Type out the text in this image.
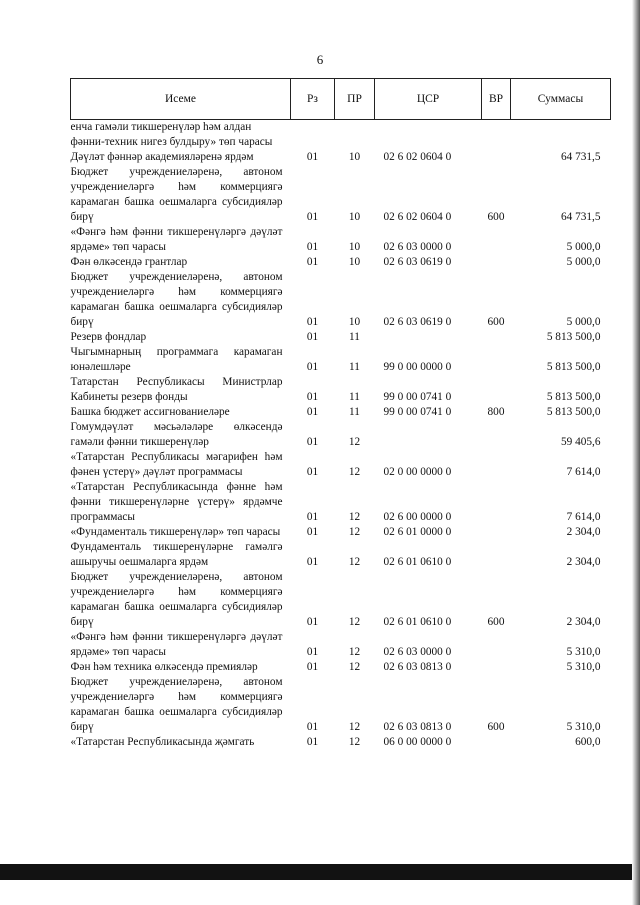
6
Исеме	Рз	ПР	ЦСР	ВР	Суммасы
енча гамәли тикшеренүләр һәм алдан фәнни-техник нигез булдыру» төп чарасы					
Дәүләт фәннәр академияләренә ярдәм	01	10	02 6 02 0604 0		64 731,5
Бюджет учреждениеләренә, автоном учреждениеләргә һәм коммерциягә карамаган башка оешмаларга субсидияләр бирү	01	10	02 6 02 0604 0	600	64 731,5
«Фәнгә һәм фәнни тикшеренүләргә дәүләт ярдәме» төп чарасы	01	10	02 6 03 0000 0		5 000,0
Фән өлкәсендә грантлар	01	10	02 6 03 0619 0		5 000,0
Бюджет учреждениеләренә, автоном учреждениеләргә һәм коммерциягә карамаган башка оешмаларга субсидияләр бирү	01	10	02 6 03 0619 0	600	5 000,0
Резерв фондлар	01	11			5 813 500,0
Чыгымнарның программага карамаган юнәлешләре	01	11	99 0 00 0000 0		5 813 500,0
Татарстан Республикасы Министрлар Кабинеты резерв фонды	01	11	99 0 00 0741 0		5 813 500,0
Башка бюджет ассигнованиеләре	01	11	99 0 00 0741 0	800	5 813 500,0
Гомумдәүләт мәсьәләләре өлкәсендә гамәли фәнни тикшеренүләр	01	12			59 405,6
«Татарстан Республикасы мәгарифен һәм фәнен үстерү» дәүләт программасы	01	12	02 0 00 0000 0		7 614,0
«Татарстан Республикасында фәнне һәм фәнни тикшеренүләрне үстерү» ярдәмче программасы	01	12	02 6 00 0000 0		7 614,0
«Фундаменталь тикшеренүләр» төп чарасы	01	12	02 6 01 0000 0		2 304,0
Фундаменталь тикшеренүләрне гамәлгә ашыручы оешмаларга ярдәм	01	12	02 6 01 0610 0		2 304,0
Бюджет учреждениеләренә, автоном учреждениеләргә һәм коммерциягә карамаган башка оешмаларга субсидияләр бирү	01	12	02 6 01 0610 0	600	2 304,0
«Фәнгә һәм фәнни тикшеренүләргә дәүләт ярдәме» төп чарасы	01	12	02 6 03 0000 0		5 310,0
Фән һәм техника өлкәсендә премияләр	01	12	02 6 03 0813 0		5 310,0
Бюджет учреждениеләренә, автоном учреждениеләргә һәм коммерциягә карамаган башка оешмаларга субсидияләр бирү	01	12	02 6 03 0813 0	600	5 310,0
«Татарстан Республикасында җәмгать	01	12	06 0 00 0000 0		600,0
